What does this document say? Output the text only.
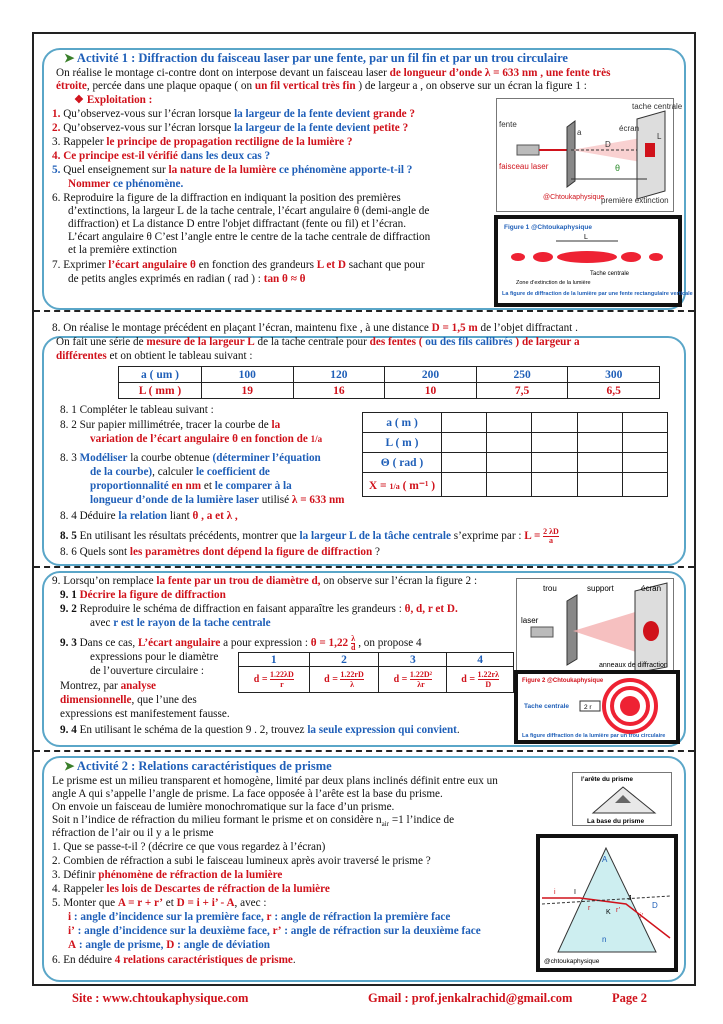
➤ Activité 1 : Diffraction du faisceau laser par une fente, par un fil fin et par un trou circulaire
On réalise le montage ci-contre dont on interpose devant un faisceau laser de longueur d’onde λ = 633 nm , une fente très
étroite, percée dans une plaque opaque ( on un fil vertical très fin ) de largeur a , on observe sur un écran la figure 1 :
❖ Exploitation :
1. Qu’observez-vous sur l’écran lorsque la largeur de la fente devient grande ?
2. Qu’observez-vous sur l’écran lorsque la largeur de la fente devient petite ?
3. Rappeler le principe de propagation rectiligne de la lumière ?
4. Ce principe est-il vérifié dans les deux cas ?
5. Quel enseignement sur la nature de la lumière ce phénomène apporte-t-il ?
Nommer ce phénomène.
6. Reproduire la figure de la diffraction en indiquant la position des premières
d’extinctions, la largeur L de la tache centrale, l’écart angulaire θ (demi-angle de
diffraction) et La distance D entre l'objet diffractant (fente ou fil) et l’écran.
L’écart angulaire θ C’est l’angle entre le centre de la tache centrale de diffraction
et la première extinction
7. Exprimer l’écart angulaire θ en fonction des grandeurs L et D sachant que pour
de petits angles exprimés en radian ( rad ) : tan θ ≈ θ
fente
tache centrale
écran
faisceau laser
première extinction
θ
a
D
L
@Chtoukaphysique
Figure 1 @Chtoukaphysique
L
Tache centrale
Zone d’extinction de la lumière
La figure de diffraction de la lumière par une fente rectangulaire verticale
8. On réalise le montage précédent en plaçant l’écran, maintenu fixe , à une distance D = 1,5 m de l’objet diffractant .
On fait une série de mesure de la largeur L de la tache centrale pour des fentes ( ou des fils calibrés ) de largeur a
différentes et on obtient le tableau suivant :
a ( um )	100	120	200	250	300
L ( mm )	19	16	10	7,5	6,5
8. 1 Compléter le tableau suivant :
8. 2 Sur papier millimétrée, tracer la courbe de la
variation de l’écart angulaire θ en fonction de 1/a
8. 3 Modéliser la courbe obtenue (déterminer l’équation
de la courbe), calculer le coefficient de
proportionnalité en nm et le comparer à la
longueur d’onde de la lumière laser utilisé λ = 633 nm
8. 4 Déduire la relation liant θ , a et λ ,
8. 5 En utilisant les résultats précédents, montrer que la largeur L de la tâche centrale s’exprime par : $L = \frac{2 \lambda D}{a}$
8. 6 Quels sont les paramètres dont dépend la figure de diffraction ?
a ( m )					
L ( m )					
Θ ( rad )					
X = 1/a ( m⁻¹ )					
9. Lorsqu’on remplace la fente par un trou de diamètre d, on observe sur l’écran la figure 2 :
9. 1 Décrire la figure de diffraction
9. 2 Reproduire le schéma de diffraction en faisant apparaître les grandeurs : θ, d, r et D.
avec r est le rayon de la tache centrale
9. 3 Dans ce cas, L’écart angulaire a pour expression : $\theta = 1,22 \frac{\lambda}{d}$ , on propose 4
expressions pour le diamètre
de l’ouverture circulaire :
Montrez, par analyse
dimensionnelle, que l’une des
expressions est manifestement fausse.
9. 4 En utilisant le schéma de la question 9 . 2, trouvez la seule expression qui convient.
1	2	3	4
$d = \frac{1.22\lambda D}{r}$	$d = \frac{1.22rD}{\lambda}$	$d = \frac{\text{1.22D²}}{\lambda r}$	$d = \frac{1.22r\lambda}{D}$
trou	support	écran
laser
anneaux de diffraction
Figure 2 @Chtoukaphysique
Tache centrale 2 r
La figure diffraction de la lumière par un trou circulaire
➤ Activité 2 : Relations caractéristiques de prisme
Le prisme est un milieu transparent et homogène, limité par deux plans inclinés définit entre eux un
angle A qui s’appelle l’angle de prisme. La face opposée à l’arête est la base du prisme.
On envoie un faisceau de lumière monochromatique sur la face d’un prisme.
Soit n l’indice de réfraction du milieu formant le prisme et on considère $n_{air} =1$ l’indice de
réfraction de l’air ou il y a le prisme
1. Que se passe-t-il ? (décrire ce que vous regardez à l’écran)
2. Combien de réfraction a subi le faisceau lumineux après avoir traversé le prisme ?
3. Définir phénomène de réfraction de la lumière
4. Rappeler les lois de Descartes de réfraction de la lumière
5. Monter que A = r + r’ et D = i + i’ - A, avec :
i : angle d’incidence sur la première face, r : angle de réfraction la première face
i’ : angle d’incidence sur la deuxième face, r’ : angle de réfraction sur la deuxième face
A : angle de prisme, D : angle de déviation
6. En déduire 4 relations caractéristiques de prisme.
l’arête du prisme
La base du prisme
A
I
J
K
D
i
r	r’
i’
n
@chtoukaphysique
Site : www.chtoukaphysique.com	Gmail : prof.jenkalrachid@gmail.com	Page 2
